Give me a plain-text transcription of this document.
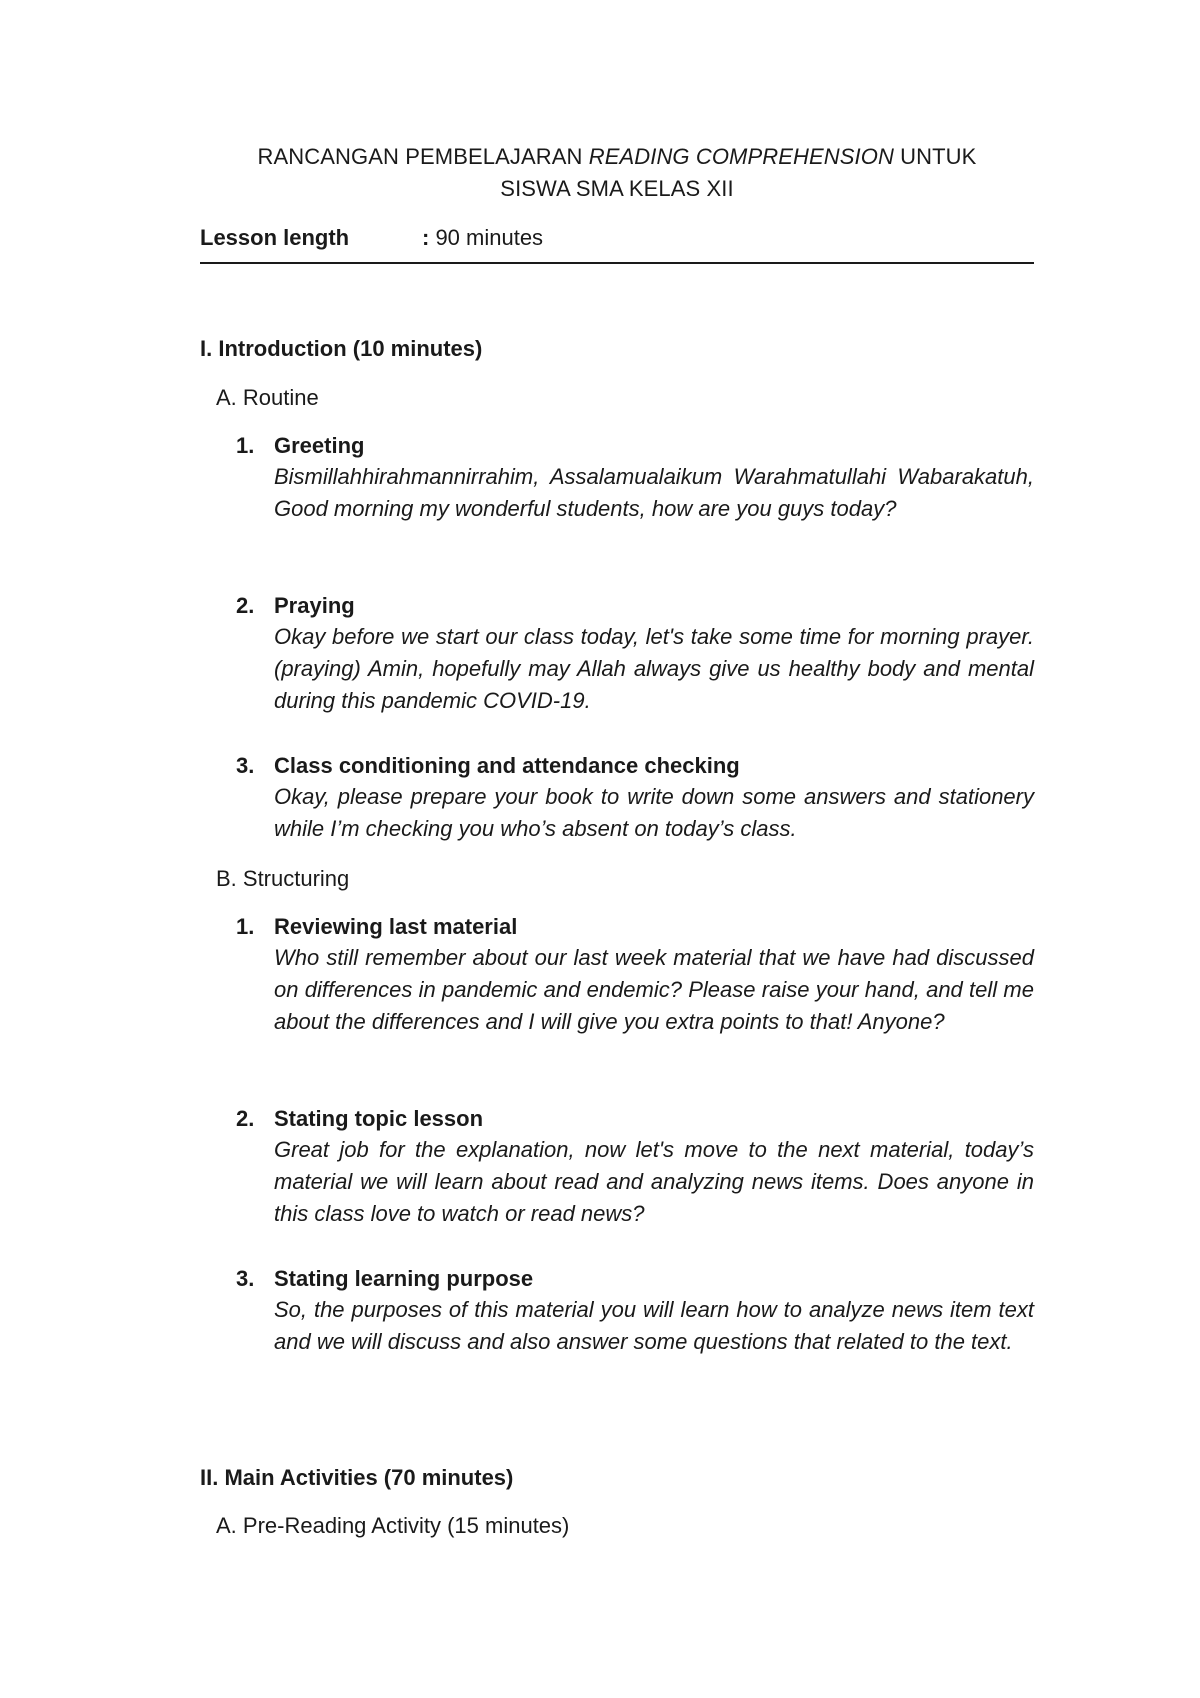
RANCANGAN PEMBELAJARAN READING COMPREHENSION UNTUK
SISWA SMA KELAS XII
Lesson length	: 90 minutes
I. Introduction (10 minutes)
A. Routine
1. Greeting
Bismillahhirahmannirrahim, Assalamualaikum Warahmatullahi Wabarakatuh, Good morning my wonderful students, how are you guys today?
2. Praying
Okay before we start our class today, let's take some time for morning prayer. (praying) Amin, hopefully may Allah always give us healthy body and mental during this pandemic COVID-19.
3. Class conditioning and attendance checking
Okay, please prepare your book to write down some answers and stationery while I’m checking you who’s absent on today’s class.
B. Structuring
1. Reviewing last material
Who still remember about our last week material that we have had discussed on differences in pandemic and endemic? Please raise your hand, and tell me about the differences and I will give you extra points to that! Anyone?
2. Stating topic lesson
Great job for the explanation, now let's move to the next material, today’s material we will learn about read and analyzing news items. Does anyone in this class love to watch or read news?
3. Stating learning purpose
So, the purposes of this material you will learn how to analyze news item text and we will discuss and also answer some questions that related to the text.
II. Main Activities (70 minutes)
A. Pre-Reading Activity (15 minutes)
